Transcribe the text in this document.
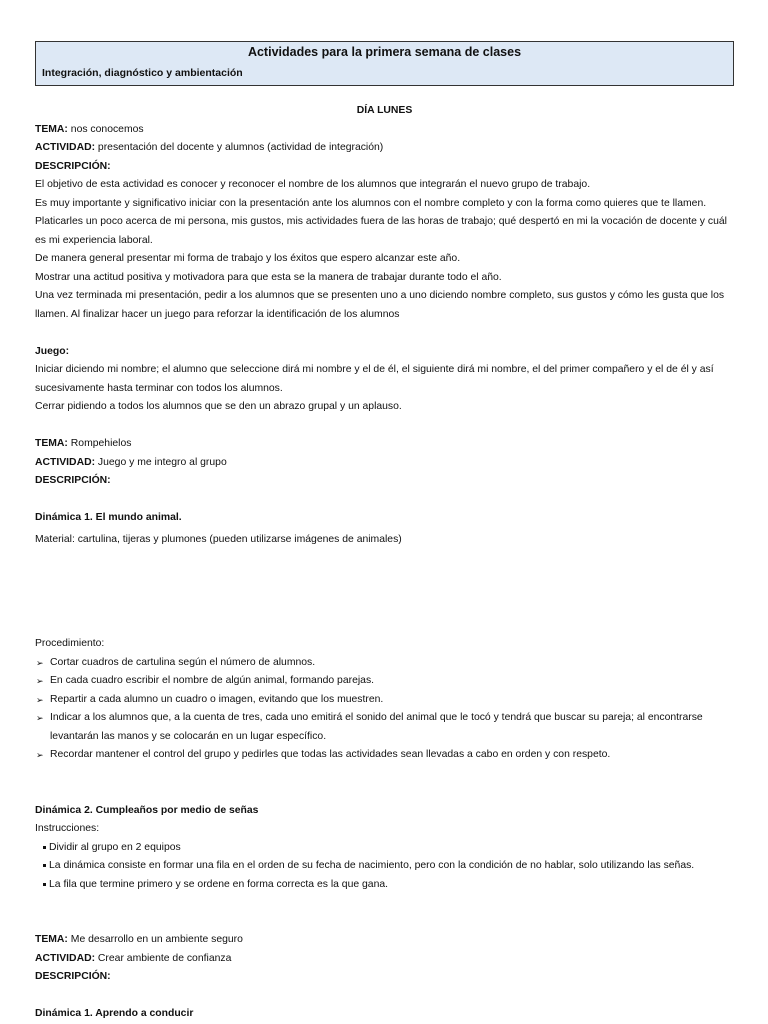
Actividades para la primera semana de clases
Integración, diagnóstico y ambientación

DÍA LUNES

TEMA: nos conocemos

ACTIVIDAD: presentación del docente y alumnos (actividad de integración)

DESCRIPCIÓN:

El objetivo de esta actividad es conocer y reconocer el nombre de los alumnos que integrarán el nuevo grupo de trabajo.

Es muy importante y significativo iniciar con la presentación ante los alumnos con el nombre completo y con la forma como quieres que te llamen.

Platicarles un poco acerca de mi persona, mis gustos, mis actividades fuera de las horas de trabajo; qué despertó en mi la vocación de docente y cuál es mi experiencia laboral.

De manera general presentar mi forma de trabajo y los éxitos que espero alcanzar este año.

Mostrar una actitud positiva y motivadora para que esta se la manera de trabajar durante todo el año.

Una vez terminada mi presentación, pedir a los alumnos que se presenten uno a uno diciendo nombre completo, sus gustos y cómo les gusta que los llamen. Al finalizar hacer un juego para reforzar la identificación de los alumnos

Juego:

Iniciar diciendo mi nombre; el alumno que seleccione dirá mi nombre y el de él, el siguiente dirá mi nombre, el del primer compañero y el de él y así sucesivamente hasta terminar con todos los alumnos.

Cerrar pidiendo a todos los alumnos que se den un abrazo grupal y un aplauso.

TEMA: Rompehielos

ACTIVIDAD: Juego y me integro al grupo

DESCRIPCIÓN:

Dinámica 1. El mundo animal.

Material: cartulina, tijeras y plumones (pueden utilizarse imágenes de animales)

Procedimiento:

➢ Cortar cuadros de cartulina según el número de alumnos.
➢ En cada cuadro escribir el nombre de algún animal, formando parejas.
➢ Repartir a cada alumno un cuadro o imagen, evitando que los muestren.
➢ Indicar a los alumnos que, a la cuenta de tres, cada uno emitirá el sonido del animal que le tocó y tendrá que buscar su pareja; al encontrarse levantarán las manos y se colocarán en un lugar específico.
➢ Recordar mantener el control del grupo y pedirles que todas las actividades sean llevadas a cabo en orden y con respeto.

Dinámica 2. Cumpleaños por medio de señas

Instrucciones:

Dividir al grupo en 2 equipos
La dinámica consiste en formar una fila en el orden de su fecha de nacimiento, pero con la condición de no hablar, solo utilizando las señas.
La fila que termine primero y se ordene en forma correcta es la que gana.

TEMA: Me desarrollo en un ambiente seguro

ACTIVIDAD: Crear ambiente de confianza

DESCRIPCIÓN:

Dinámica 1. Aprendo a conducir
